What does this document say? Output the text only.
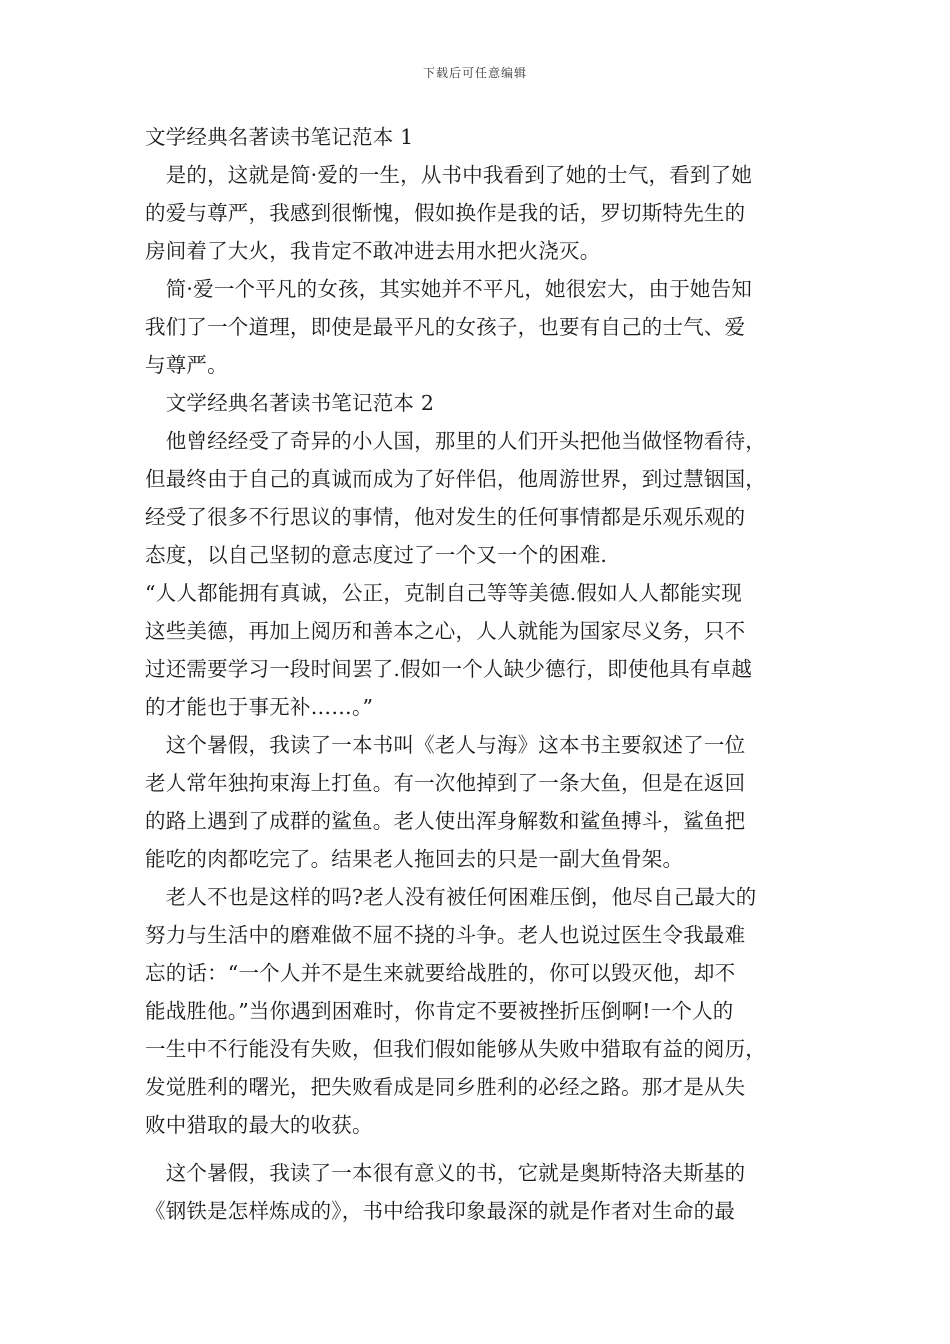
下载后可任意编辑
文学经典名著读书笔记范本 1
　是的，这就是简·爱的一生，从书中我看到了她的士气，看到了她
的爱与尊严，我感到很惭愧，假如换作是我的话，罗切斯特先生的
房间着了大火，我肯定不敢冲进去用水把火浇灭。
　简·爱一个平凡的女孩，其实她并不平凡，她很宏大，由于她告知
我们了一个道理，即使是最平凡的女孩子，也要有自己的士气、爱
与尊严。
　文学经典名著读书笔记范本 2
　他曾经经受了奇异的小人国，那里的人们开头把他当做怪物看待，
但最终由于自己的真诚而成为了好伴侣，他周游世界，到过慧铟国，
经受了很多不行思议的事情，他对发生的任何事情都是乐观乐观的
态度，以自己坚韧的意志度过了一个又一个的困难.
“人人都能拥有真诚，公正，克制自己等等美德.假如人人都能实现
这些美德，再加上阅历和善本之心，人人就能为国家尽义务，只不
过还需要学习一段时间罢了.假如一个人缺少德行，即使他具有卓越
的才能也于事无补……。”
　这个暑假，我读了一本书叫《老人与海》这本书主要叙述了一位
老人常年独拘束海上打鱼。有一次他掉到了一条大鱼，但是在返回
的路上遇到了成群的鲨鱼。老人使出浑身解数和鲨鱼搏斗，鲨鱼把
能吃的肉都吃完了。结果老人拖回去的只是一副大鱼骨架。
　老人不也是这样的吗?老人没有被任何困难压倒，他尽自己最大的
努力与生活中的磨难做不屈不挠的斗争。老人也说过医生令我最难
忘的话：“一个人并不是生来就要给战胜的，你可以毁灭他，却不
能战胜他。”当你遇到困难时，你肯定不要被挫折压倒啊!一个人的
一生中不行能没有失败，但我们假如能够从失败中猎取有益的阅历，
发觉胜利的曙光，把失败看成是同乡胜利的必经之路。那才是从失
败中猎取的最大的收获。
　这个暑假，我读了一本很有意义的书，它就是奥斯特洛夫斯基的
《钢铁是怎样炼成的》，书中给我印象最深的就是作者对生命的最
